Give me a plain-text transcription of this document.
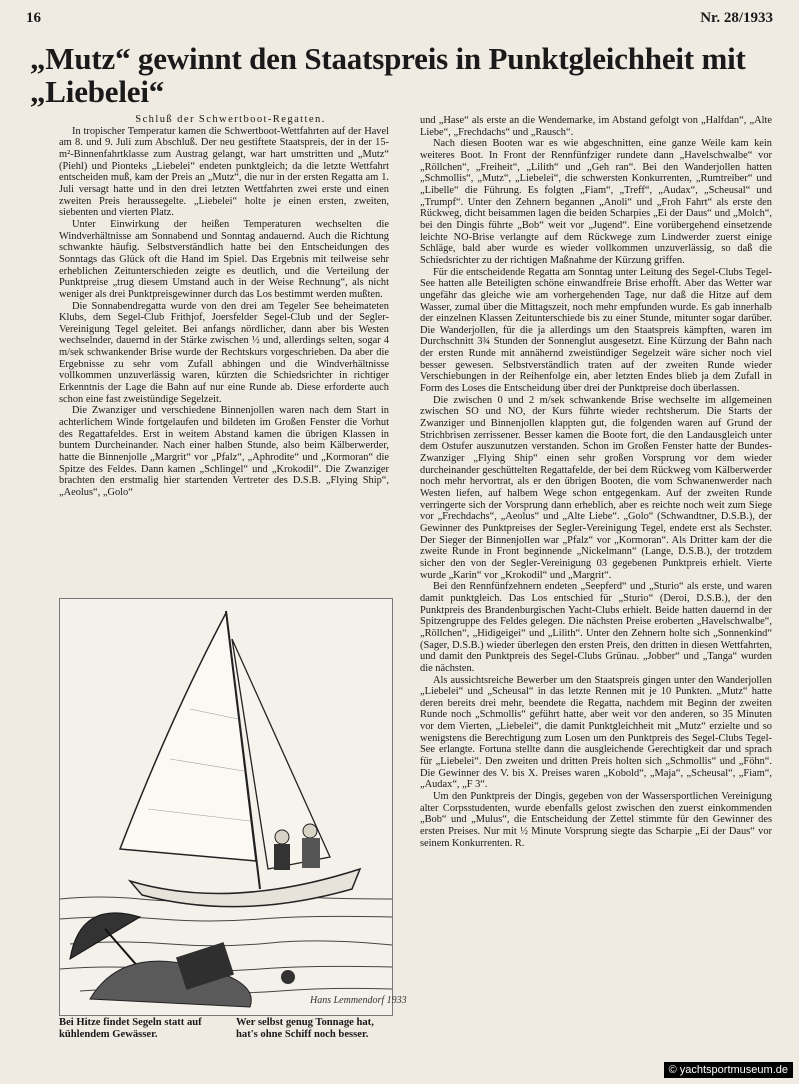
16	Nr. 28/1933
„Mutz“ gewinnt den Staatspreis in Punktgleichheit mit „Liebelei“

Schluß der Schwertboot-Regatten.

In tropischer Temperatur kamen die Schwertboot-Wettfahrten auf der Havel am 8. und 9. Juli zum Abschluß. Der neu gestiftete Staatspreis, der in der 15-m²-Binnenfahrtklasse zum Austrag gelangt, war hart umstritten und „Mutz“ (Piehl) und Pionteks „Liebelei“ endeten punktgleich; da die letzte Wettfahrt entscheiden muß, kam der Preis an „Mutz“, die nur in der ersten Regatta am 1. Juli versagt hatte und in den drei letzten Wettfahrten zwei erste und einen zweiten Preis heraussegelte. „Liebelei“ holte je einen ersten, zweiten, siebenten und vierten Platz.

Unter Einwirkung der heißen Temperaturen wechselten die Windverhältnisse am Sonnabend und Sonntag andauernd. Auch die Richtung schwankte häufig. Selbstverständlich hatte bei den Entscheidungen des Sonntags das Glück oft die Hand im Spiel. Das Ergebnis mit teilweise sehr erheblichen Zeitunterschieden zeigte es deutlich, und die Verteilung der Punktpreise „trug diesem Umstand auch in der Weise Rechnung“, als nicht weniger als drei Punktpreisgewinner durch das Los bestimmt werden mußten.

Die Sonnabendregatta wurde von den drei am Tegeler See beheimateten Klubs, dem Segel-Club Frithjof, Joersfelder Segel-Club und der Segler-Vereinigung Tegel geleitet. Bei anfangs nördlicher, dann aber bis Westen wechselnder, dauernd in der Stärke zwischen ½ und, allerdings selten, sogar 4 m/sek schwankender Brise wurde der Rechtskurs vorgeschrieben. Da aber die Ergebnisse zu sehr vom Zufall abhingen und die Windverhältnisse vollkommen unzuverlässig waren, kürzten die Schiedsrichter in richtiger Erkenntnis der Lage die Bahn auf nur eine Runde ab. Diese erforderte auch schon eine fast zweistündige Segelzeit.

Die Zwanziger und verschiedene Binnenjollen waren nach dem Start in achterlichem Winde fortgelaufen und bildeten im Großen Fenster die Vorhut des Regattafeldes. Erst in weitem Abstand kamen die übrigen Klassen in buntem Durcheinander. Nach einer halben Stunde, also beim Kälberwerder, hatte die Binnenjolle „Margrit“ vor „Pfalz“, „Aphrodite“ und „Kormoran“ die Spitze des Feldes. Dann kamen „Schlingel“ und „Krokodil“. Die Zwanziger brachten den erstmalig hier startenden Vertreter des D.S.B. „Flying Ship“, „Aeolus“, „Golo“

Hans Lemmendorf 1933
Bei Hitze findet Segeln statt auf kühlendem Gewässer.
Wer selbst genug Tonnage hat, hat's ohne Schiff noch besser.

und „Hase“ als erste an die Wendemarke, im Abstand gefolgt von „Halfdan“, „Alte Liebe“, „Frechdachs“ und „Rausch“.

Nach diesen Booten war es wie abgeschnitten, eine ganze Weile kam kein weiteres Boot. In Front der Rennfünfziger rundete dann „Havelschwalbe“ vor „Röllchen“, „Freiheit“, „Lilith“ und „Geh ran“. Bei den Wanderjollen hatten „Schmollis“, „Mutz“, „Liebelei“, die schwersten Konkurrenten, „Rumtreiber“ und „Libelle“ die Führung. Es folgten „Fiam“, „Treff“, „Audax“, „Scheusal“ und „Trumpf“. Unter den Zehnern begannen „Anoli“ und „Froh Fahrt“ als erste den Rückweg, dicht beisammen lagen die beiden Scharpies „Ei der Daus“ und „Molch“, bei den Dingis führte „Bob“ weit vor „Jugend“. Eine vorübergehend einsetzende leichte NO-Brise verlangte auf dem Rückwege zum Lindwerder zuerst einige Schläge, bald aber wurde es wieder vollkommen unzuverlässig, so daß die Schiedsrichter zu der richtigen Maßnahme der Kürzung griffen.

Für die entscheidende Regatta am Sonntag unter Leitung des Segel-Clubs Tegel-See hatten alle Beteiligten schöne einwandfreie Brise erhofft. Aber das Wetter war ungefähr das gleiche wie am vorhergehenden Tage, nur daß die Hitze auf dem Wasser, zumal über die Mittagszeit, noch mehr empfunden wurde. Es gab innerhalb der einzelnen Klassen Zeitunterschiede bis zu einer Stunde, mitunter sogar darüber. Die Wanderjollen, für die ja allerdings um den Staatspreis kämpften, waren im Durchschnitt 3¾ Stunden der Sonnenglut ausgesetzt. Eine Kürzung der Bahn nach der ersten Runde mit annähernd zweistündiger Segelzeit wäre sicher noch viel besser gewesen. Selbstverständlich traten auf der zweiten Runde wieder Verschiebungen in der Reihenfolge ein, aber letzten Endes blieb ja dem Zufall in Form des Loses die Entscheidung über drei der Punktpreise doch überlassen.

Die zwischen 0 und 2 m/sek schwankende Brise wechselte im allgemeinen zwischen SO und NO, der Kurs führte wieder rechtsherum. Die Starts der Zwanziger und Binnenjollen klappten gut, die folgenden waren auf Grund der Strichbrisen zerrissener. Besser kamen die Boote fort, die den Landausgleich unter dem Ostufer auszunutzen verstanden. Schon im Großen Fenster hatte der Bundes-Zwanziger „Flying Ship“ einen sehr großen Vorsprung vor dem wieder durcheinander geschüttelten Regattafelde, der bei dem Rückweg vom Kälberwerder noch mehr hervortrat, als er den übrigen Booten, die vom Schwanenwerder nach Westen liefen, auf halbem Wege schon entgegenkam. Auf der zweiten Runde verringerte sich der Vorsprung dann erheblich, aber es reichte noch weit zum Siege vor „Frechdachs“, „Aeolus“ und „Alte Liebe“. „Golo“ (Schwandtner, D.S.B.), der Gewinner des Punktpreises der Segler-Vereinigung Tegel, endete erst als Sechster. Der Sieger der Binnenjollen war „Pfalz“ vor „Kormoran“. Als Dritter kam der die zweite Runde in Front beginnende „Nickelmann“ (Lange, D.S.B.), der trotzdem sicher den von der Segler-Vereinigung 03 gegebenen Punktpreis erhielt. Vierte wurde „Karin“ vor „Krokodil“ und „Margrit“.

Bei den Rennfünfzehnern endeten „Seepferd“ und „Sturio“ als erste, und waren damit punktgleich. Das Los entschied für „Sturio“ (Deroi, D.S.B.), der den Punktpreis des Brandenburgischen Yacht-Clubs erhielt. Beide hatten dauernd in der Spitzengruppe des Feldes gelegen. Die nächsten Preise eroberten „Havelschwalbe“, „Röllchen“, „Hidigeigei“ und „Lilith“. Unter den Zehnern holte sich „Sonnenkind“ (Sager, D.S.B.) wieder überlegen den ersten Preis, den dritten in diesen Wettfahrten, und damit den Punktpreis des Segel-Clubs Grünau. „Jobber“ und „Tanga“ wurden die nächsten.

Als aussichtsreiche Bewerber um den Staatspreis gingen unter den Wanderjollen „Liebelei“ und „Scheusal“ in das letzte Rennen mit je 10 Punkten. „Mutz“ hatte deren bereits drei mehr, beendete die Regatta, nachdem mit Beginn der zweiten Runde noch „Schmollis“ geführt hatte, aber weit vor den anderen, so 35 Minuten vor dem Vierten, „Liebelei“, die damit Punktgleichheit mit „Mutz“ erzielte und so wenigstens die Berechtigung zum Losen um den Punktpreis des Segel-Clubs Tegel-See erlangte. Fortuna stellte dann die ausgleichende Gerechtigkeit dar und sprach für „Liebelei“. Den zweiten und dritten Preis holten sich „Schmollis“ und „Föhn“. Die Gewinner des V. bis X. Preises waren „Kobold“, „Maja“, „Scheusal“, „Fiam“, „Audax“, „F 3“.

Um den Punktpreis der Dingis, gegeben von der Wassersportlichen Vereinigung alter Corpsstudenten, wurde ebenfalls gelost zwischen den zuerst einkommenden „Bob“ und „Mulus“, die Entscheidung der Zettel stimmte für den Gewinner des ersten Preises. Nur mit ½ Minute Vorsprung siegte das Scharpie „Ei der Daus“ vor seinem Konkurrenten. R.

© yachtsportmuseum.de
